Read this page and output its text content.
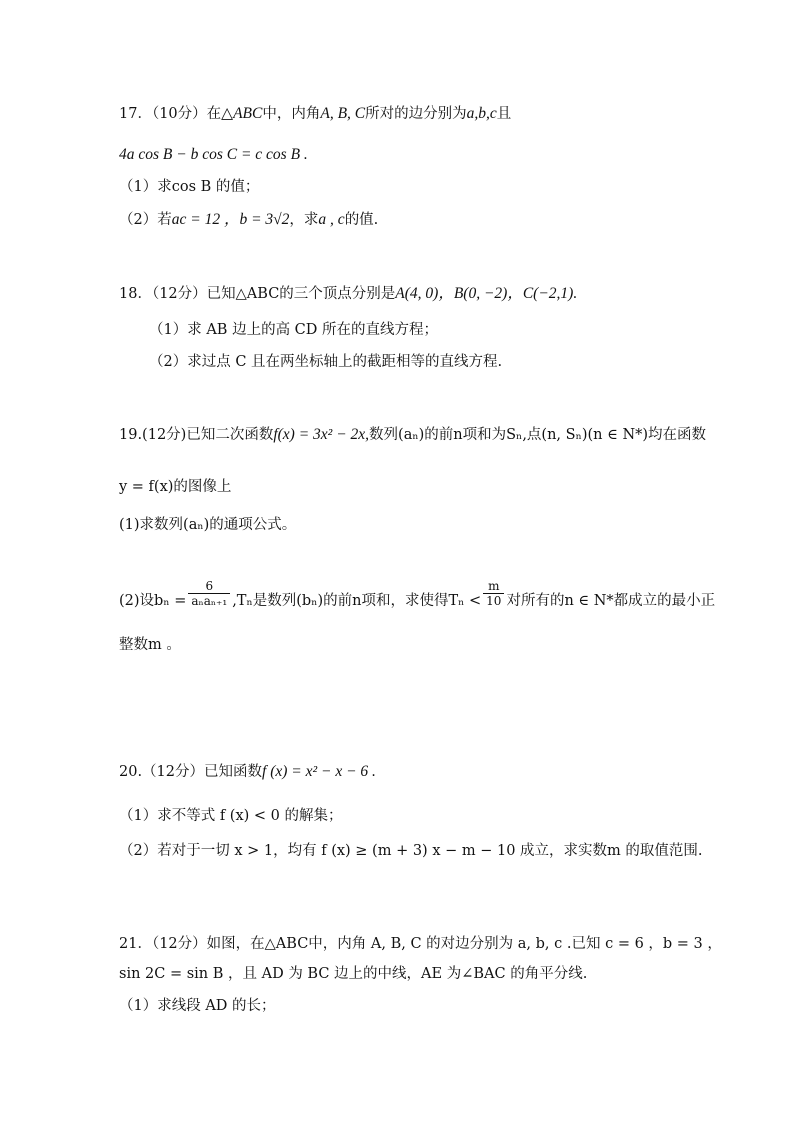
17．（10分）在△ABC中，内角A, B, C所对的边分别为a,b,c且
4a cos B − b cos C = c cos B .
（1）求cos B 的值；
（2）若ac = 12 ，b = 3√2，求a , c的值.
18．（12分）已知△ABC的三个顶点分别是A(4, 0)，B(0, −2)，C(−2,1).
（1）求 AB 边上的高 CD 所在的直线方程；
（2）求过点 C 且在两坐标轴上的截距相等的直线方程.
19.(12分)已知二次函数f(x) = 3x² − 2x,数列(aₙ)的前n项和为Sₙ,点(n, Sₙ)(n ∈ N*)均在函数
y = f(x)的图像上
(1)求数列(aₙ)的通项公式。
(2)设$b_n = \frac{6}{\text{aₙaₙ₊₁}} ,T_n$是数列(bₙ)的前n项和，求使得$T_n < \frac{m}{10}$ 对所有的n ∈ N*都成立的最小正
整数m 。
20.（12分）已知函数f (x) = x² − x − 6 .
（1）求不等式 f (x) < 0 的解集；
（2）若对于一切 x > 1，均有 f (x) ≥ (m + 3) x − m − 10 成立，求实数m 的取值范围.
21．（12分）如图，在△ABC中，内角 A, B, C 的对边分别为 a, b, c .已知 c = 6 ，b = 3 ，
sin 2C = sin B ，且 AD 为 BC 边上的中线，AE 为∠BAC 的角平分线.
（1）求线段 AD 的长；
